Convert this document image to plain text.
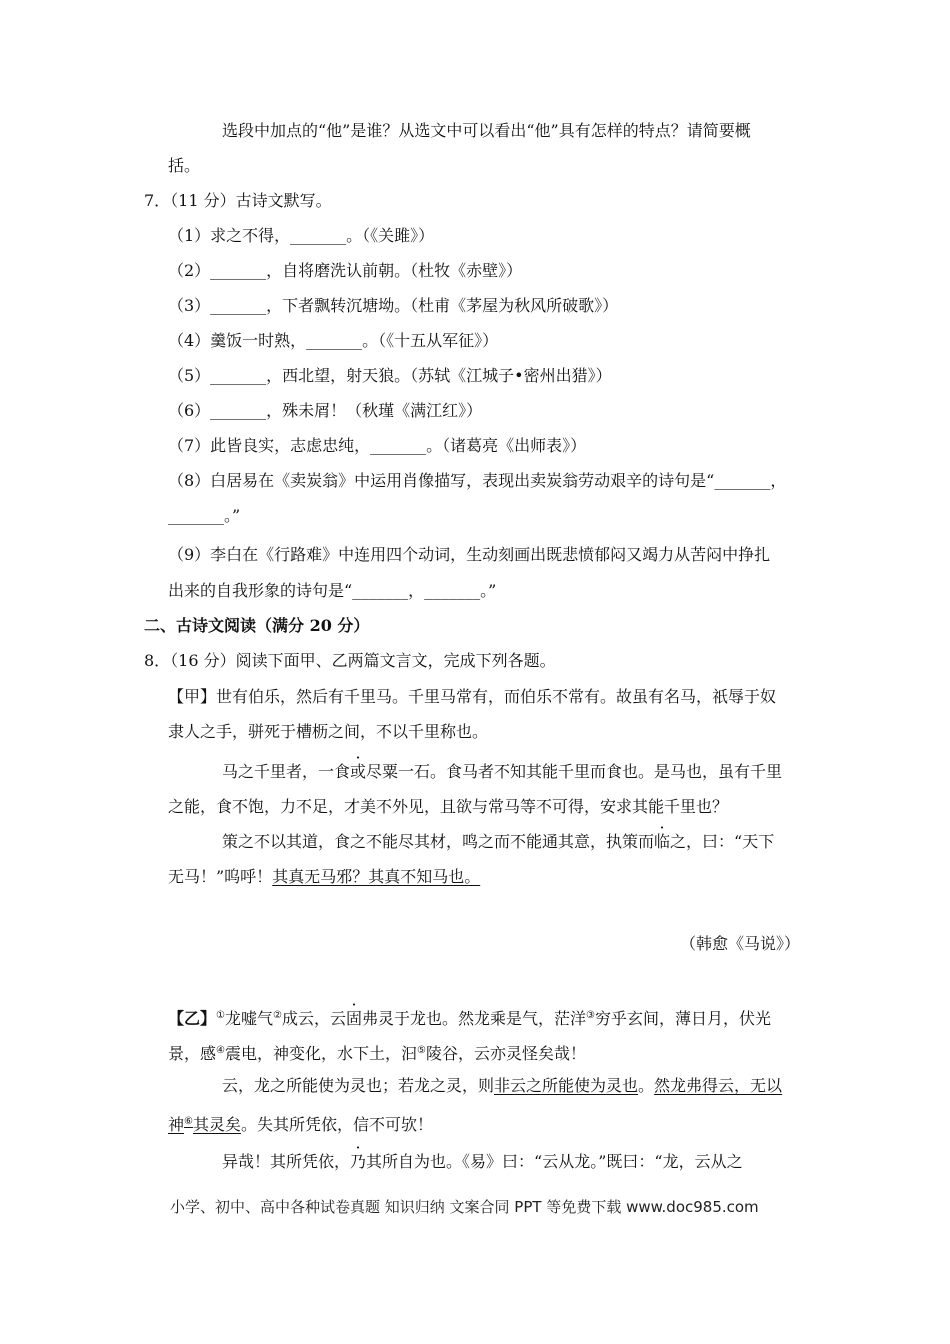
选段中加点的“他”是谁？从选文中可以看出“他”具有怎样的特点？请简要概
括。
7．（11 分）古诗文默写。
（1）求之不得，_______。（《关雎》）
（2）_______，自将磨洗认前朝。（杜牧《赤壁》）
（3）_______，下者飘转沉塘坳。（杜甫《茅屋为秋风所破歌》）
（4）羹饭一时熟，_______。（《十五从军征》）
（5）_______，西北望，射天狼。（苏轼《江城子•密州出猎》）
（6）_______，殊未屑！（秋瑾《满江红》）
（7）此皆良实，志虑忠纯，_______。（诸葛亮《出师表》）
（8）白居易在《卖炭翁》中运用肖像描写，表现出卖炭翁劳动艰辛的诗句是“_______，
_______。”
（9）李白在《行路难》中连用四个动词，生动刻画出既悲愤郁闷又竭力从苦闷中挣扎
出来的自我形象的诗句是“_______，_______。”
二、古诗文阅读（满分 20 分）
8．（16 分）阅读下面甲、乙两篇文言文，完成下列各题。
【甲】世有伯乐，然后有千里马。千里马常有，而伯乐不常有。故虽有名马，祇辱于奴
隶人之手，骈死于槽枥之间，不以千里称也。
马之千里者，一食或尽粟一石。食马者不知其能千里而食也。是马也，虽有千里
之能，食不饱，力不足，才美不外见，且欲与常马等不可得，安求其能千里也？
策之不以其道，食之不能尽其材，鸣之而不能通其意，执策而临之，曰：“天下
无马！”呜呼！其真无马邪？其真不知马也。
（韩愈《马说》）
【乙】①龙嘘气②成云，云固弗灵于龙也。然龙乘是气，茫洋③穷乎玄间，薄日月，伏光
景，感④震电，神变化，水下土，汩⑤陵谷，云亦灵怪矣哉！
云，龙之所能使为灵也；若龙之灵，则非云之所能使为灵也。然龙弗得云，无以
神⑥其灵矣。失其所凭依，信不可欤！
异哉！其所凭依，乃其所自为也。《易》曰：“云从龙。”既曰：“龙，云从之
小学、初中、高中各种试卷真题 知识归纳 文案合同 PPT 等免费下载 www.doc985.com
